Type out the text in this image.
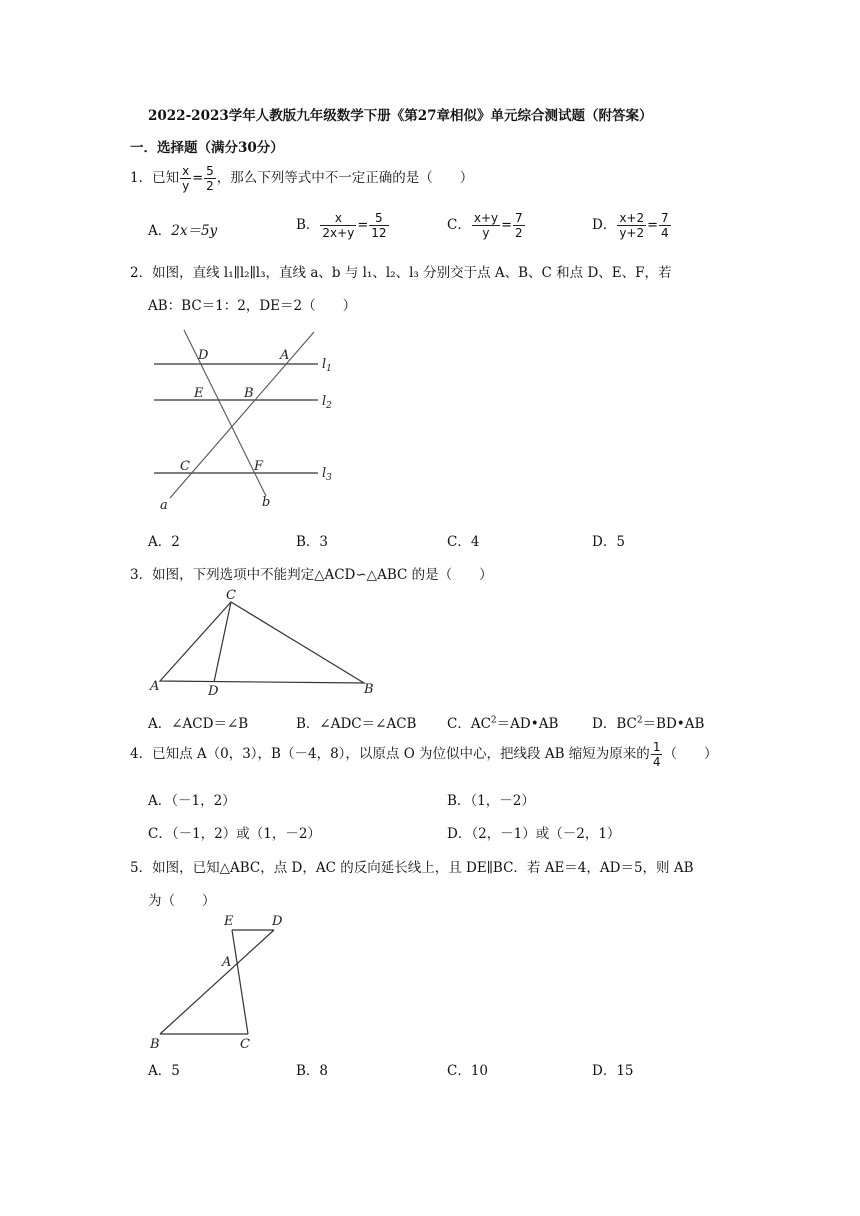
2022-2023学年人教版九年级数学下册《第27章相似》单元综合测试题（附答案）
一．选择题（满分30分）
1．已知 $\frac{x}{y} = \frac{5}{2}$ ，那么下列等式中不一定正确的是（　　）
A．2x＝5y	B． $\frac{x}{2x+y} = \frac{5}{12}$	C． $\frac{x+y}{y} = \frac{7}{2}$	D． $\frac{x+2}{y+2} = \frac{7}{4}$
2．如图，直线 l₁∥l₂∥l₃，直线 a、b 与 l₁、l₂、l₃ 分别交于点 A、B、C 和点 D、E、F，若
AB：BC＝1：2，DE＝2（　　）
D	A
E	B
C	F
a	b
$l_1$
$l_2$
$l_3$
A．2	B．3	C．4	D．5
3．如图，下列选项中不能判定△ACD∽△ABC 的是（　　）
C
A	D	B
A．∠ACD＝∠B	B．∠ADC＝∠ACB C．$AC^2=AD•AB$ D．$BC^2=BD•AB$
4．已知点 A（0，3），B（－4，8），以原点 O 为位似中心，把线段 AB 缩短为原来的 $\frac{1}{4}$ （　　）
A．（－1，2）	B．（1，－2）
C．（－1，2）或（1，－2）	D．（2，－1）或（－2，1）
5．如图，已知△ABC，点 D，AC 的反向延长线上，且 DE∥BC．若 AE＝4，AD＝5，则 AB
为（　　）
E	D
A
B	C
A．5	B．8	C．10	D．15
